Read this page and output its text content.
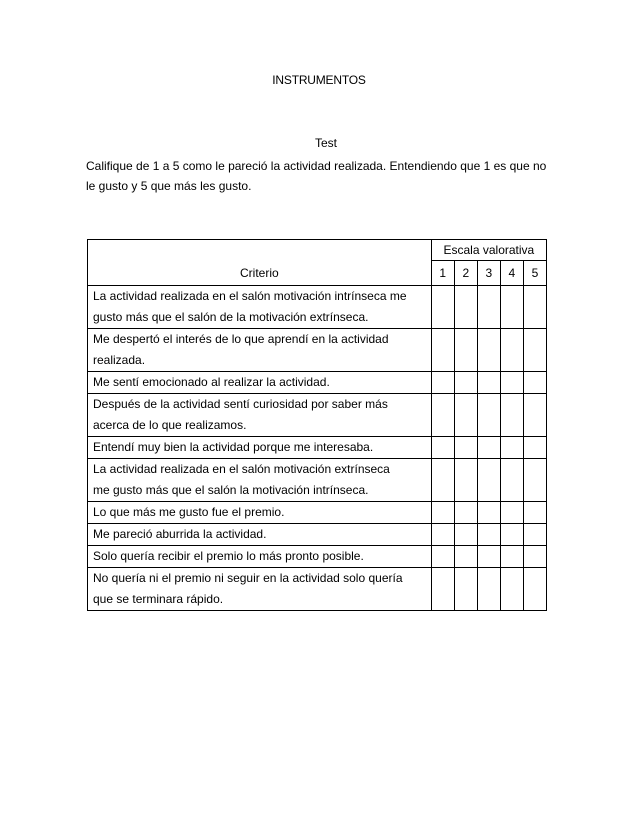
INSTRUMENTOS
Test
Califique de 1 a 5 como le pareció la actividad realizada. Entendiendo que 1 es que no le gusto y 5 que más les gusto.
Criterio	Escala valorativa				
	1	2	3	4	5

La actividad realizada en el salón motivación intrínseca me
gusto más que el salón de la motivación extrínseca.					

Me despertó el interés de lo que aprendí en la actividad
realizada.					

Me sentí emocionado al realizar la actividad.					

Después de la actividad sentí curiosidad por saber más
acerca de lo que realizamos.					

Entendí muy bien la actividad porque me interesaba.					

La actividad realizada en el salón motivación extrínseca
me gusto más que el salón la motivación intrínseca.					

Lo que más me gusto fue el premio.					

Me pareció aburrida la actividad.					

Solo quería recibir el premio lo más pronto posible.					

No quería ni el premio ni seguir en la actividad solo quería
que se terminara rápido.					
